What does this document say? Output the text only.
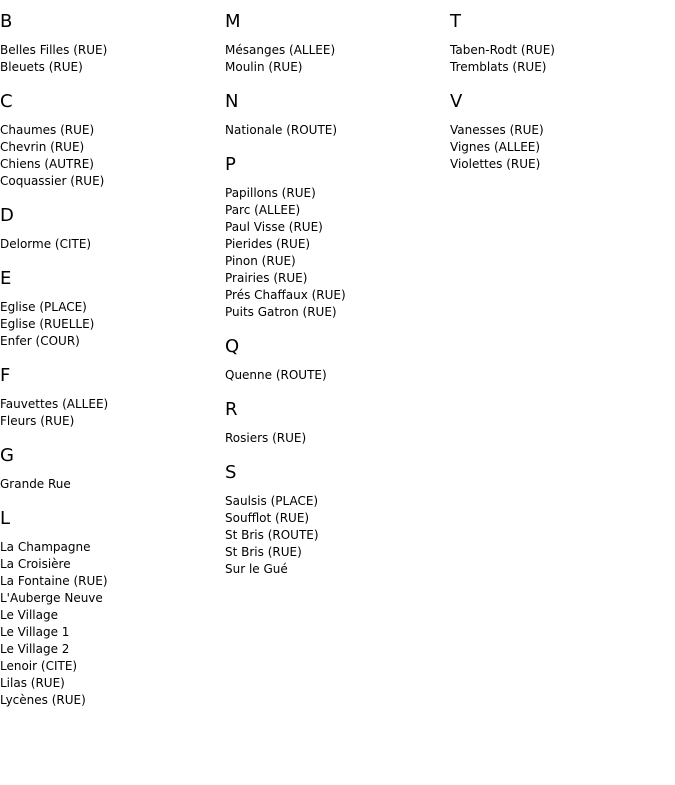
B
Belles Filles (RUE)
Bleuets (RUE)
C
Chaumes (RUE)
Chevrin (RUE)
Chiens (AUTRE)
Coquassier (RUE)
D
Delorme (CITE)
E
Eglise (PLACE)
Eglise (RUELLE)
Enfer (COUR)
F
Fauvettes (ALLEE)
Fleurs (RUE)
G
Grande Rue
L
La Champagne
La Croisière
La Fontaine (RUE)
L'Auberge Neuve
Le Village
Le Village 1
Le Village 2
Lenoir (CITE)
Lilas (RUE)
Lycènes (RUE)
M
Mésanges (ALLEE)
Moulin (RUE)
N
Nationale (ROUTE)
P
Papillons (RUE)
Parc (ALLEE)
Paul Visse (RUE)
Pierides (RUE)
Pinon (RUE)
Prairies (RUE)
Prés Chaffaux (RUE)
Puits Gatron (RUE)
Q
Quenne (ROUTE)
R
Rosiers (RUE)
S
Saulsis (PLACE)
Soufflot (RUE)
St Bris (ROUTE)
St Bris (RUE)
Sur le Gué
T
Taben-Rodt (RUE)
Tremblats (RUE)
V
Vanesses (RUE)
Vignes (ALLEE)
Violettes (RUE)
